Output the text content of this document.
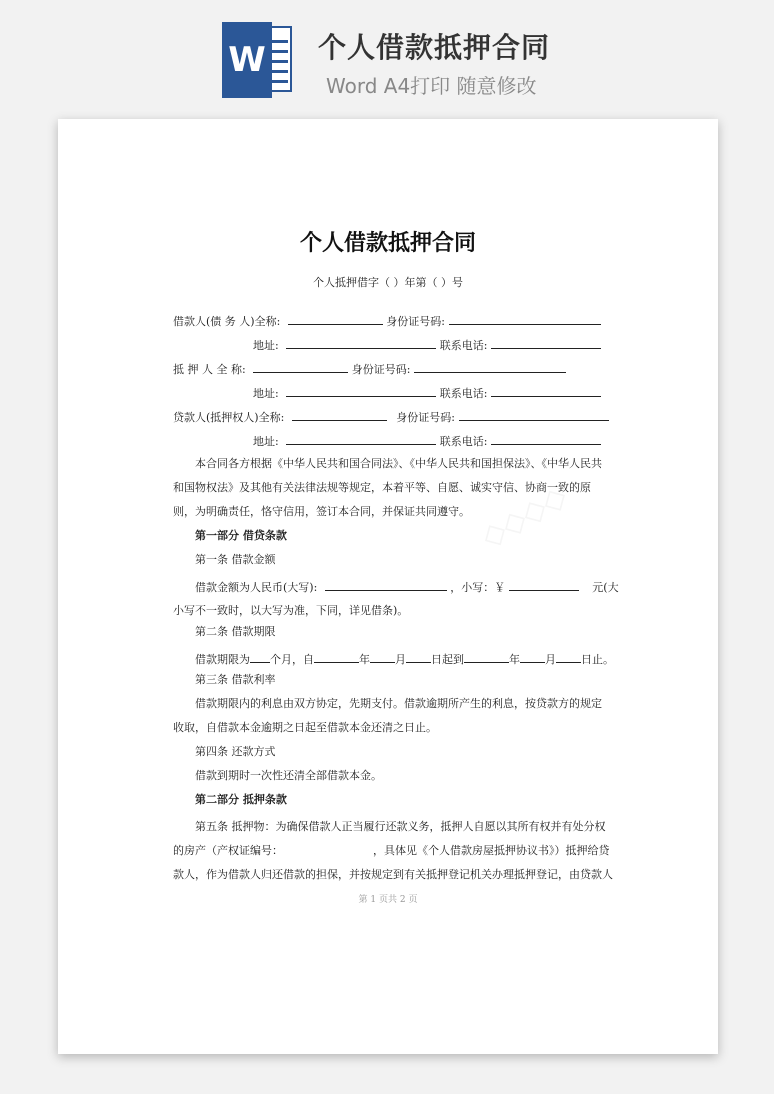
W 个人借款抵押合同
Word A4打印 随意修改
◇◇◇◇
个人借款抵押合同
个人抵押借字（ ）年第（ ）号
借款人(债 务 人)全称:	身份证号码:
地址:	联系电话:
抵 押 人 全 称:	身份证号码:
地址:	联系电话:
贷款人(抵押权人)全称:	身份证号码:
地址:	联系电话:
本合同各方根据《中华人民共和国合同法》、《中华人民共和国担保法》、《中华人民共和国物权法》及其他有关法律法规等规定，本着平等、自愿、诚实守信、协商一致的原则，为明确责任，恪守信用，签订本合同，并保证共同遵守。
第一部分 借贷条款
第一条 借款金额
借款金额为人民币(大写):	，小写：￥	元(大
小写不一致时，以大写为准，下同，详见借条)。
第二条 借款期限
借款期限为 个月，自	年 月 日起到	年 月 日止。
第三条 借款利率
借款期限内的利息由双方协定，先期支付。借款逾期所产生的利息，按贷款方的规定收取，自借款本金逾期之日起至借款本金还清之日止。
第四条 还款方式
借款到期时一次性还清全部借款本金。
第二部分 抵押条款
第五条 抵押物：为确保借款人正当履行还款义务，抵押人自愿以其所有权并有处分权
的房产（产权证编号：	，具体见《个人借款房屋抵押协议书》）抵押给贷
款人，作为借款人归还借款的担保，并按规定到有关抵押登记机关办理抵押登记，由贷款人
第 1 页共 2 页
